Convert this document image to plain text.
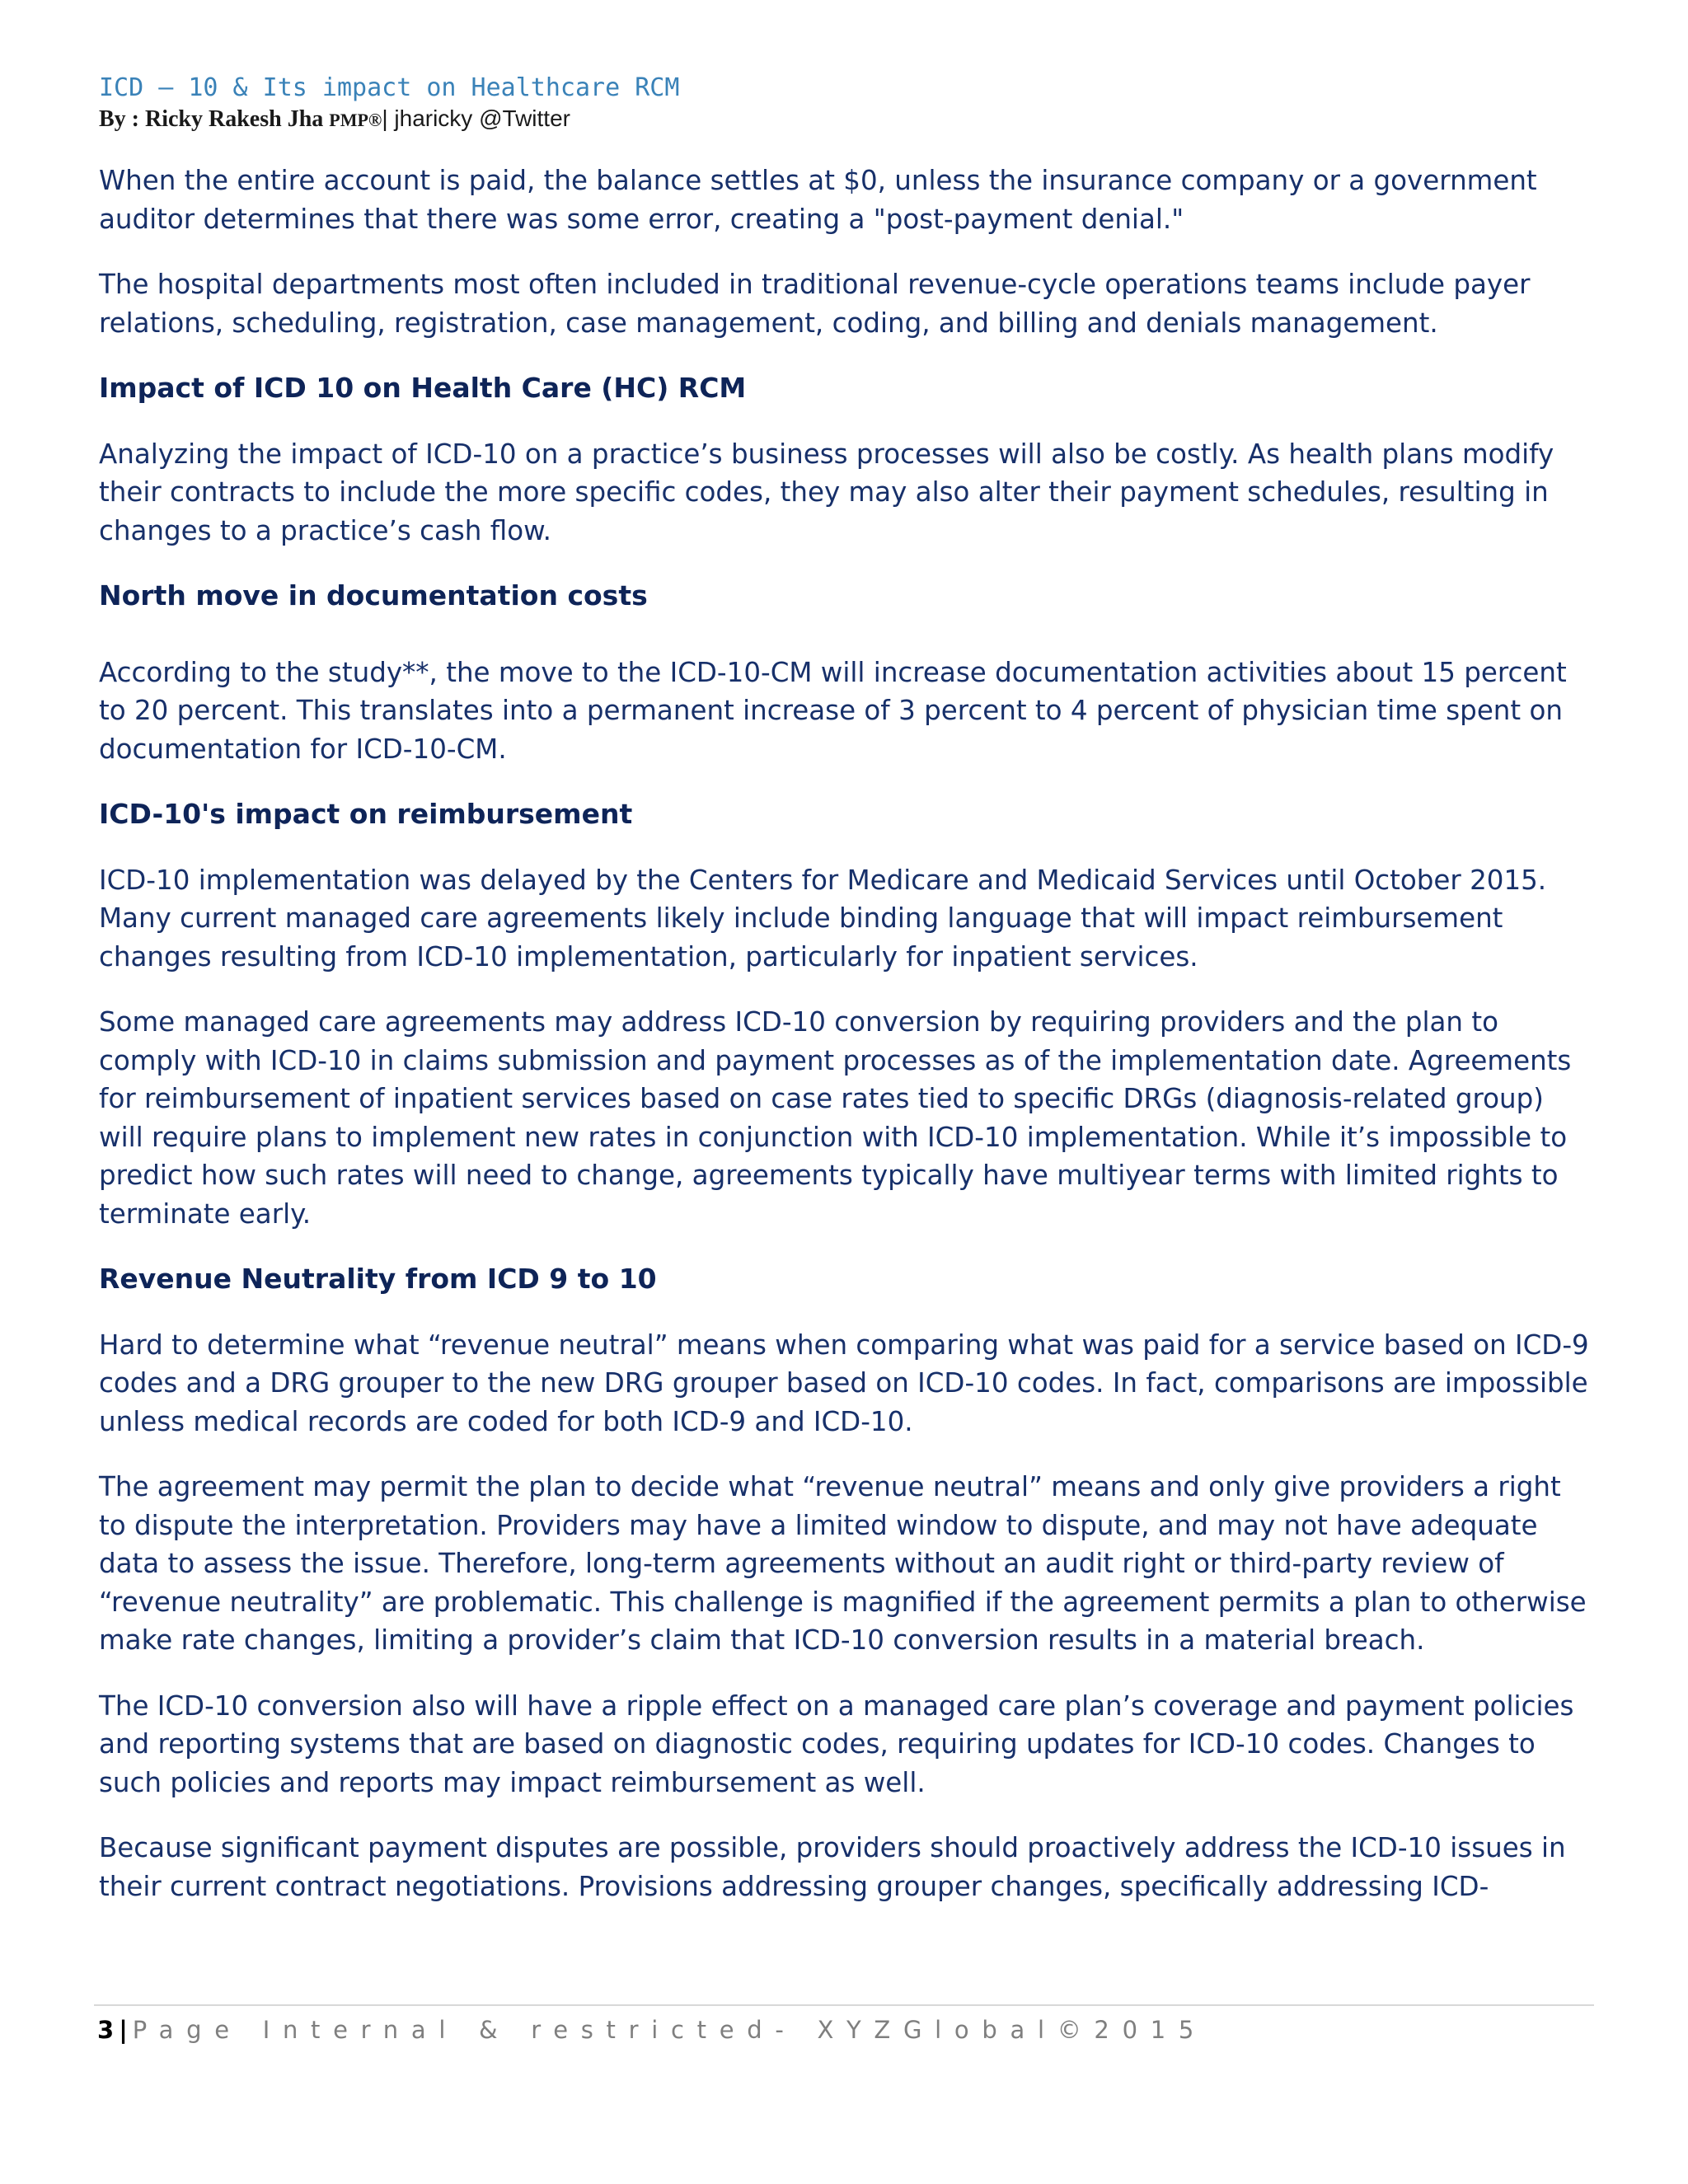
ICD – 10 & Its impact on Healthcare RCM
By : Ricky Rakesh Jha PMP®| jharicky @Twitter

When the entire account is paid, the balance settles at $0, unless the insurance company or a government auditor determines that there was some error, creating a "post-payment denial."

The hospital departments most often included in traditional revenue-cycle operations teams include payer relations, scheduling, registration, case management, coding, and billing and denials management.

Impact of ICD 10 on Health Care (HC) RCM

Analyzing the impact of ICD-10 on a practice’s business processes will also be costly. As health plans modify their contracts to include the more specific codes, they may also alter their payment schedules, resulting in changes to a practice’s cash flow.

North move in documentation costs

According to the study**, the move to the ICD-10-CM will increase documentation activities about 15 percent to 20 percent. This translates into a permanent increase of 3 percent to 4 percent of physician time spent on documentation for ICD-10-CM.

ICD-10's impact on reimbursement

ICD-10 implementation was delayed by the Centers for Medicare and Medicaid Services until October 2015. Many current managed care agreements likely include binding language that will impact reimbursement changes resulting from ICD-10 implementation, particularly for inpatient services.

Some managed care agreements may address ICD-10 conversion by requiring providers and the plan to comply with ICD-10 in claims submission and payment processes as of the implementation date. Agreements for reimbursement of inpatient services based on case rates tied to specific DRGs (diagnosis-related group) will require plans to implement new rates in conjunction with ICD-10 implementation. While it’s impossible to predict how such rates will need to change, agreements typically have multiyear terms with limited rights to terminate early.

Revenue Neutrality from ICD 9 to 10

Hard to determine what “revenue neutral” means when comparing what was paid for a service based on ICD-9 codes and a DRG grouper to the new DRG grouper based on ICD-10 codes. In fact, comparisons are impossible unless medical records are coded for both ICD-9 and ICD-10.

The agreement may permit the plan to decide what “revenue neutral” means and only give providers a right to dispute the interpretation. Providers may have a limited window to dispute, and may not have adequate data to assess the issue. Therefore, long-term agreements without an audit right or third-party review of “revenue neutrality” are problematic. This challenge is magnified if the agreement permits a plan to otherwise make rate changes, limiting a provider’s claim that ICD-10 conversion results in a material breach.

The ICD-10 conversion also will have a ripple effect on a managed care plan’s coverage and payment policies and reporting systems that are based on diagnostic codes, requiring updates for ICD-10 codes. Changes to such policies and reports may impact reimbursement as well.

Because significant payment disputes are possible, providers should proactively address the ICD-10 issues in their current contract negotiations. Provisions addressing grouper changes, specifically addressing ICD-

3 | Page Internal & restricted- XYZGlobal©2015
